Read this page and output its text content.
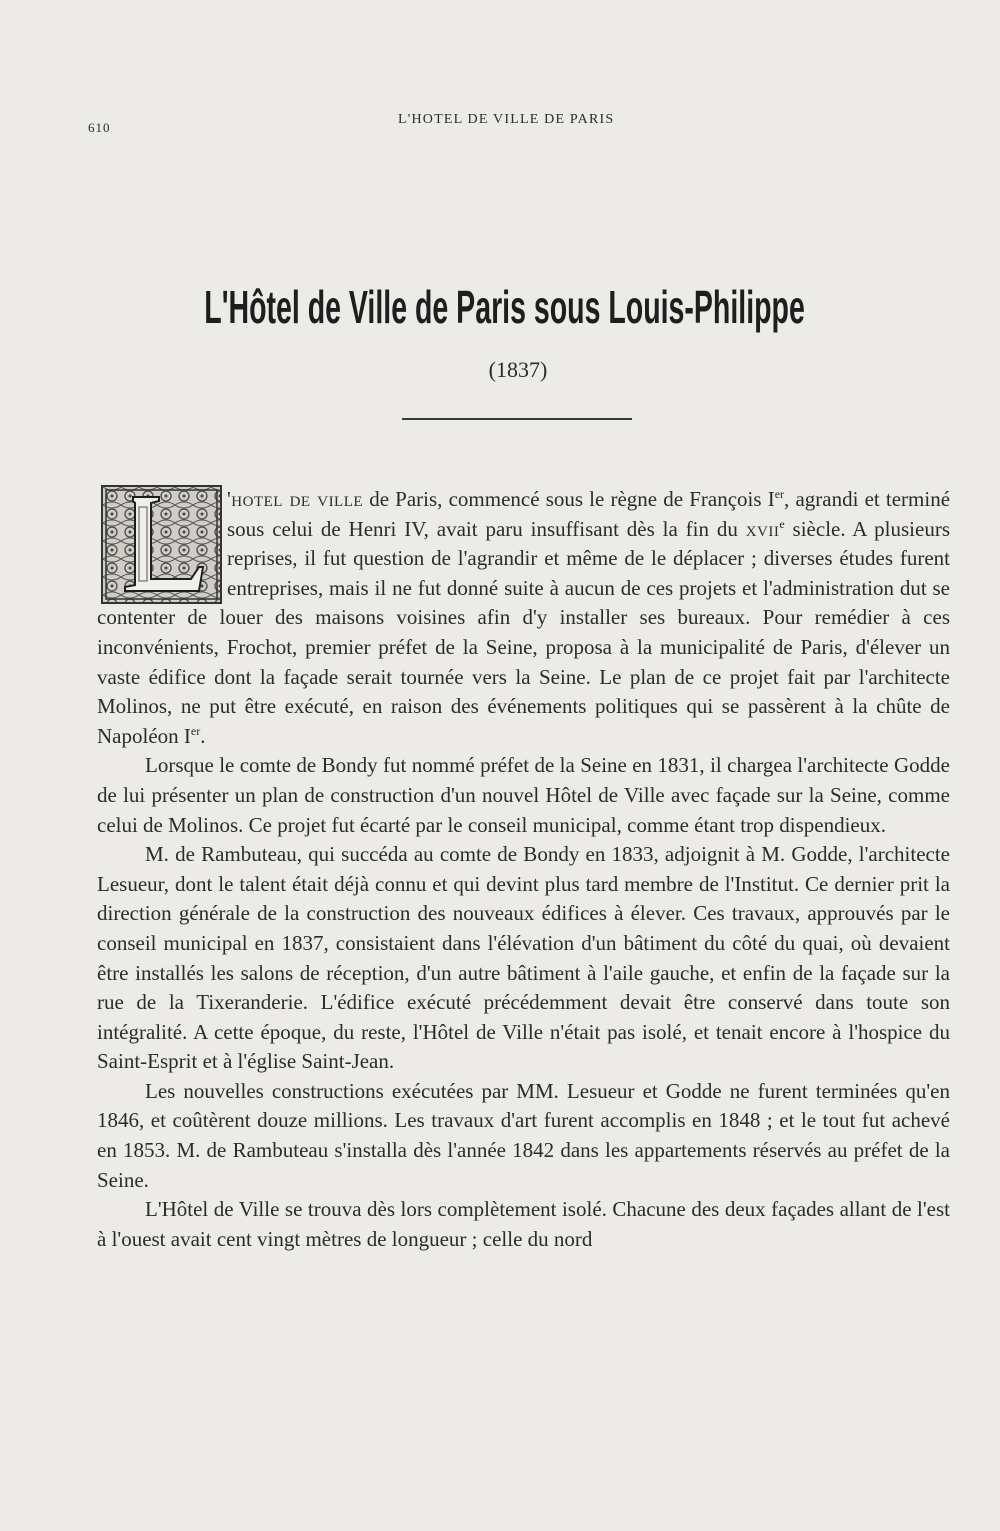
610
L'HOTEL DE VILLE DE PARIS
L'Hôtel de Ville de Paris sous Louis-Philippe
(1837)

'hotel de ville de Paris, commencé sous le règne de François Ier, agrandi et terminé sous celui de Henri IV, avait paru insuffisant dès la fin du xvii$^e$ siècle. A plusieurs reprises, il fut question de l'agrandir et même de le déplacer ; diverses études furent entreprises, mais il ne fut donné suite à aucun de ces projets et l'administration dut se contenter de louer des maisons voisines afin d'y installer ses bureaux. Pour remédier à ces inconvénients, Frochot, premier préfet de la Seine, proposa à la municipalité de Paris, d'élever un vaste édifice dont la façade serait tournée vers la Seine. Le plan de ce projet fait par l'architecte Molinos, ne put être exécuté, en raison des événements politiques qui se passèrent à la chûte de Napoléon Ier.

Lorsque le comte de Bondy fut nommé préfet de la Seine en 1831, il chargea l'architecte Godde de lui présenter un plan de construction d'un nouvel Hôtel de Ville avec façade sur la Seine, comme celui de Molinos. Ce projet fut écarté par le conseil municipal, comme étant trop dispendieux.

M. de Rambuteau, qui succéda au comte de Bondy en 1833, adjoignit à M. Godde, l'architecte Lesueur, dont le talent était déjà connu et qui devint plus tard membre de l'Institut. Ce dernier prit la direction générale de la construction des nouveaux édifices à élever. Ces travaux, approuvés par le conseil municipal en 1837, consistaient dans l'élévation d'un bâtiment du côté du quai, où devaient être installés les salons de réception, d'un autre bâtiment à l'aile gauche, et enfin de la façade sur la rue de la Tixeranderie. L'édifice exécuté précédemment devait être conservé dans toute son intégralité. A cette époque, du reste, l'Hôtel de Ville n'était pas isolé, et tenait encore à l'hospice du Saint-Esprit et à l'église Saint-Jean.

Les nouvelles constructions exécutées par MM. Lesueur et Godde ne furent terminées qu'en 1846, et coûtèrent douze millions. Les travaux d'art furent accomplis en 1848 ; et le tout fut achevé en 1853. M. de Rambuteau s'installa dès l'année 1842 dans les appartements réservés au préfet de la Seine.

L'Hôtel de Ville se trouva dès lors complètement isolé. Chacune des deux façades allant de l'est à l'ouest avait cent vingt mètres de longueur ; celle du nord
